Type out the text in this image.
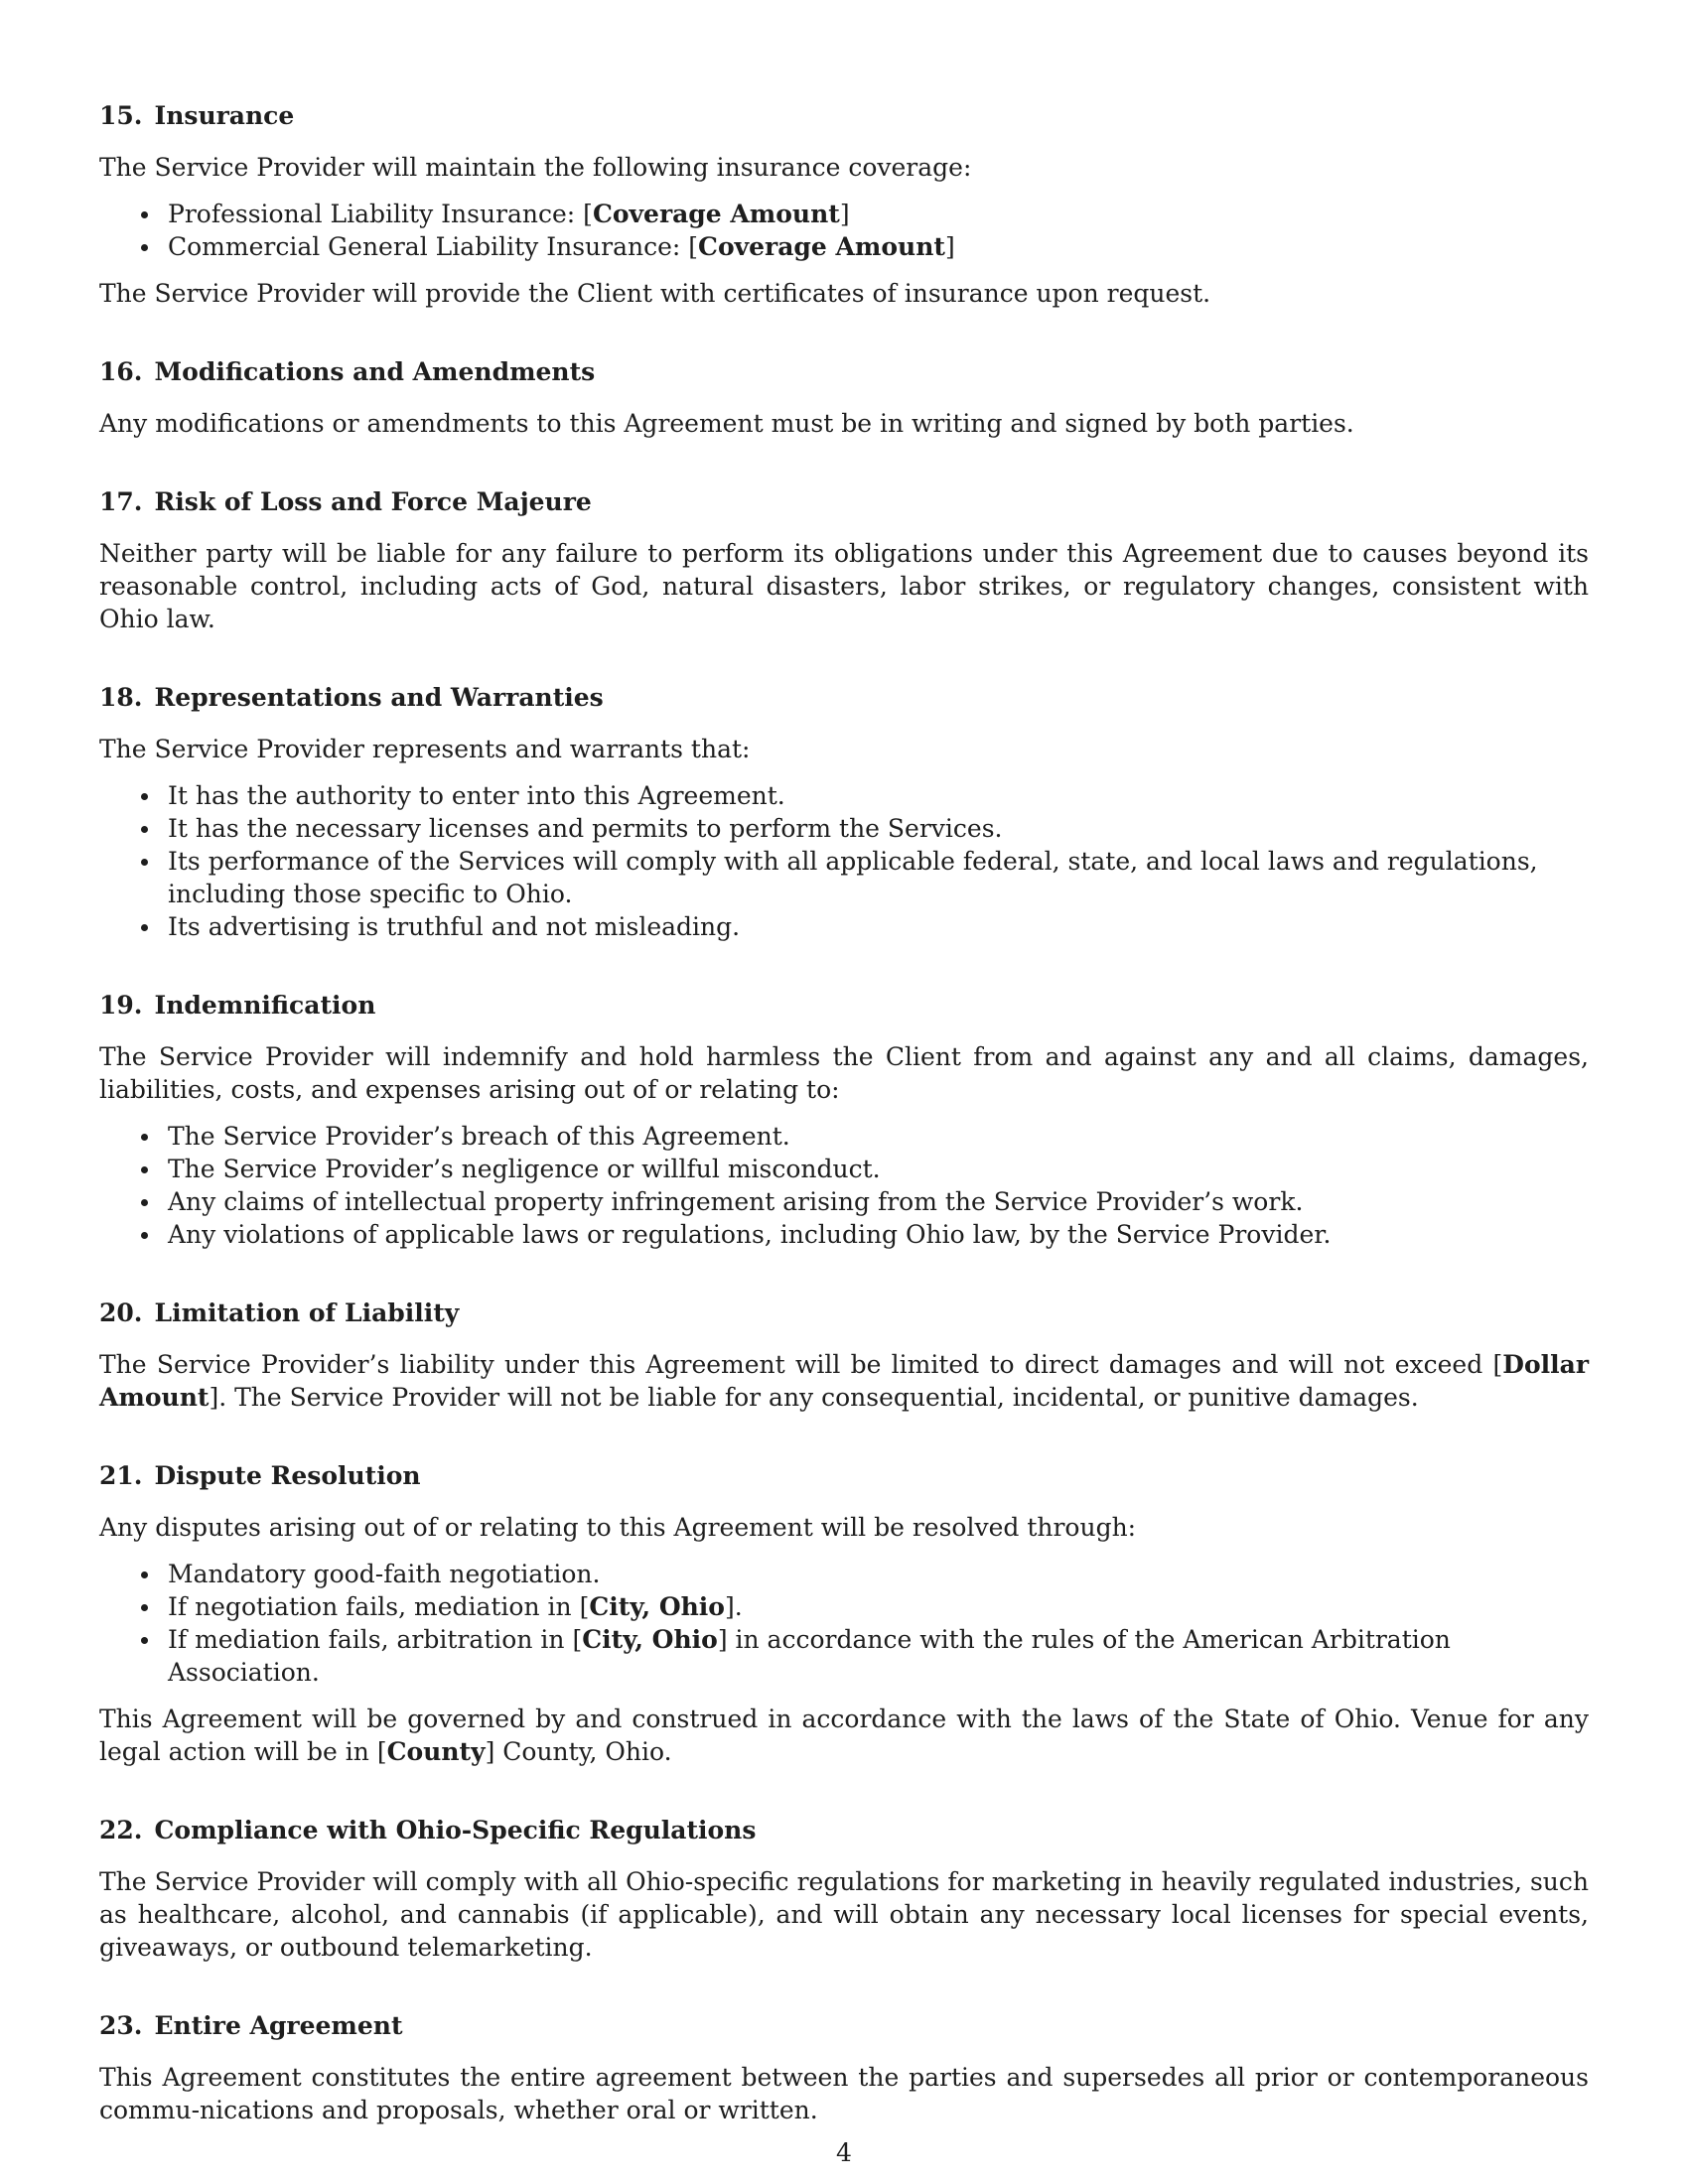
15. Insurance

The Service Provider will maintain the following insurance coverage:

Professional Liability Insurance: [Coverage Amount]
Commercial General Liability Insurance: [Coverage Amount]

The Service Provider will provide the Client with certificates of insurance upon request.

16. Modifications and Amendments

Any modifications or amendments to this Agreement must be in writing and signed by both parties.

17. Risk of Loss and Force Majeure

Neither party will be liable for any failure to perform its obligations under this Agreement due to causes beyond its reasonable control, including acts of God, natural disasters, labor strikes, or regulatory changes, consistent with Ohio law.

18. Representations and Warranties

The Service Provider represents and warrants that:

It has the authority to enter into this Agreement.
It has the necessary licenses and permits to perform the Services.
Its performance of the Services will comply with all applicable federal, state, and local laws and regulations, including those specific to Ohio.
Its advertising is truthful and not misleading.
19. Indemnification

The Service Provider will indemnify and hold harmless the Client from and against any and all claims, damages, liabilities, costs, and expenses arising out of or relating to:

The Service Provider’s breach of this Agreement.
The Service Provider’s negligence or willful misconduct.
Any claims of intellectual property infringement arising from the Service Provider’s work.
Any violations of applicable laws or regulations, including Ohio law, by the Service Provider.
20. Limitation of Liability

The Service Provider’s liability under this Agreement will be limited to direct damages and will not exceed [Dollar Amount]. The Service Provider will not be liable for any consequential, incidental, or punitive damages.

21. Dispute Resolution

Any disputes arising out of or relating to this Agreement will be resolved through:

Mandatory good-faith negotiation.
If negotiation fails, mediation in [City, Ohio].
If mediation fails, arbitration in [City, Ohio] in accordance with the rules of the American Arbitration Association.

This Agreement will be governed by and construed in accordance with the laws of the State of Ohio. Venue for any legal action will be in [County] County, Ohio.

22. Compliance with Ohio-Specific Regulations

The Service Provider will comply with all Ohio-specific regulations for marketing in heavily regulated industries, such as healthcare, alcohol, and cannabis (if applicable), and will obtain any necessary local licenses for special events, giveaways, or outbound telemarketing.

23. Entire Agreement

This Agreement constitutes the entire agreement between the parties and supersedes all prior or contemporaneous commu-nications and proposals, whether oral or written.

4
